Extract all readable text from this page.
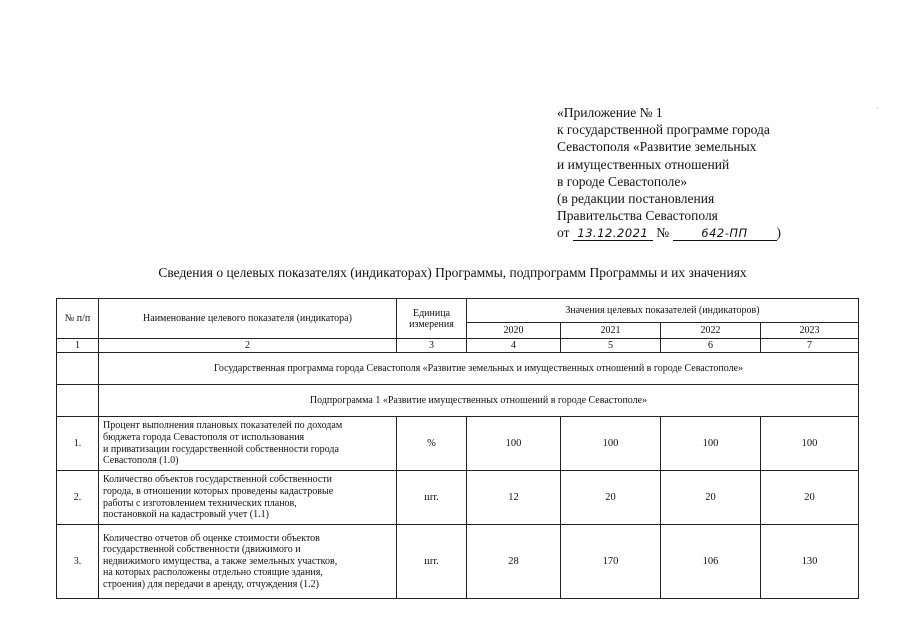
·
«Приложение № 1
к государственной программе города
Севастополя «Развитие земельных
и имущественных отношений
в городе Севастополе»
(в редакции постановления
Правительства Севастополя
от 13.12.2021 №	642-ПП )
Сведения о целевых показателях (индикаторах) Программы, подпрограмм Программы и их значениях
№ п/п	Наименование целевого показателя (индикатора)	Единица измерения	Значения целевых показателей (индикаторов)			
			2020	2021	2022	2023
1	2	3	4	5	6	7
	Государственная программа города Севастополя «Развитие земельных и имущественных отношений в городе Севастополе»					
	Подпрограмма 1 «Развитие имущественных отношений в городе Севастополе»					
1.	Процент выполнения плановых показателей по доходам
бюджета города Севастополя от использования
и приватизации государственной собственности города
Севастополя (1.0)	%	100	100	100	100
2.	Количество объектов государственной собственности
города, в отношении которых проведены кадастровые
работы с изготовлением технических планов,
постановкой на кадастровый учет (1.1)	шт.	12	20	20	20
3.	Количество отчетов об оценке стоимости объектов
государственной собственности (движимого и
недвижимого имущества, а также земельных участков,
на которых расположены отдельно стоящие здания,
строения) для передачи в аренду, отчуждения (1.2)	шт.	28	170	106	130
